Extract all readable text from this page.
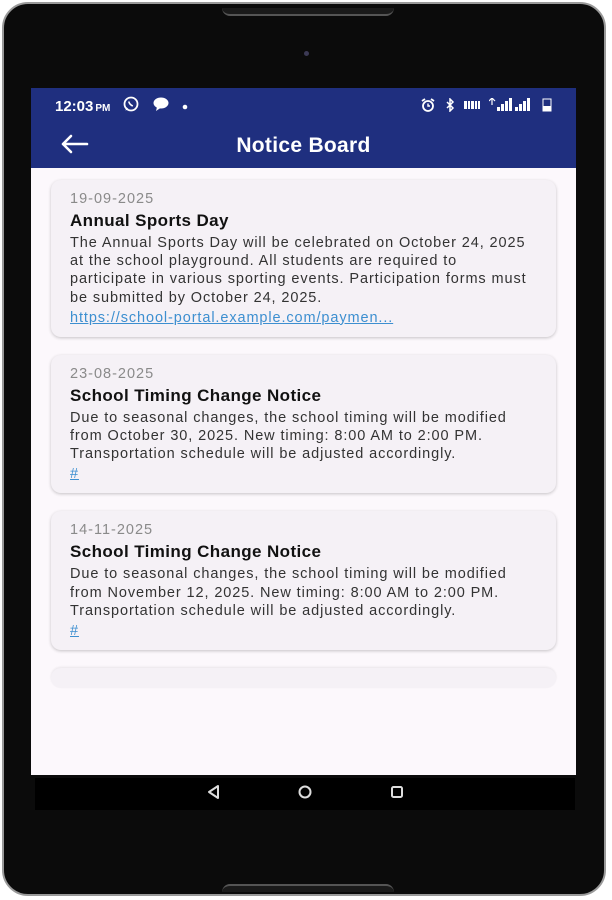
12:03 PM
Notice Board
19-09-2025
Annual Sports Day
The Annual Sports Day will be celebrated on October 24, 2025 at the school playground. All students are required to participate in various sporting events. Participation forms must be submitted by October 24, 2025.
https://school-portal.example.com/paymen...
23-08-2025
School Timing Change Notice
Due to seasonal changes, the school timing will be modified from October 30, 2025. New timing: 8:00 AM to 2:00 PM. Transportation schedule will be adjusted accordingly.
#
14-11-2025
School Timing Change Notice
Due to seasonal changes, the school timing will be modified from November 12, 2025. New timing: 8:00 AM to 2:00 PM. Transportation schedule will be adjusted accordingly.
#
